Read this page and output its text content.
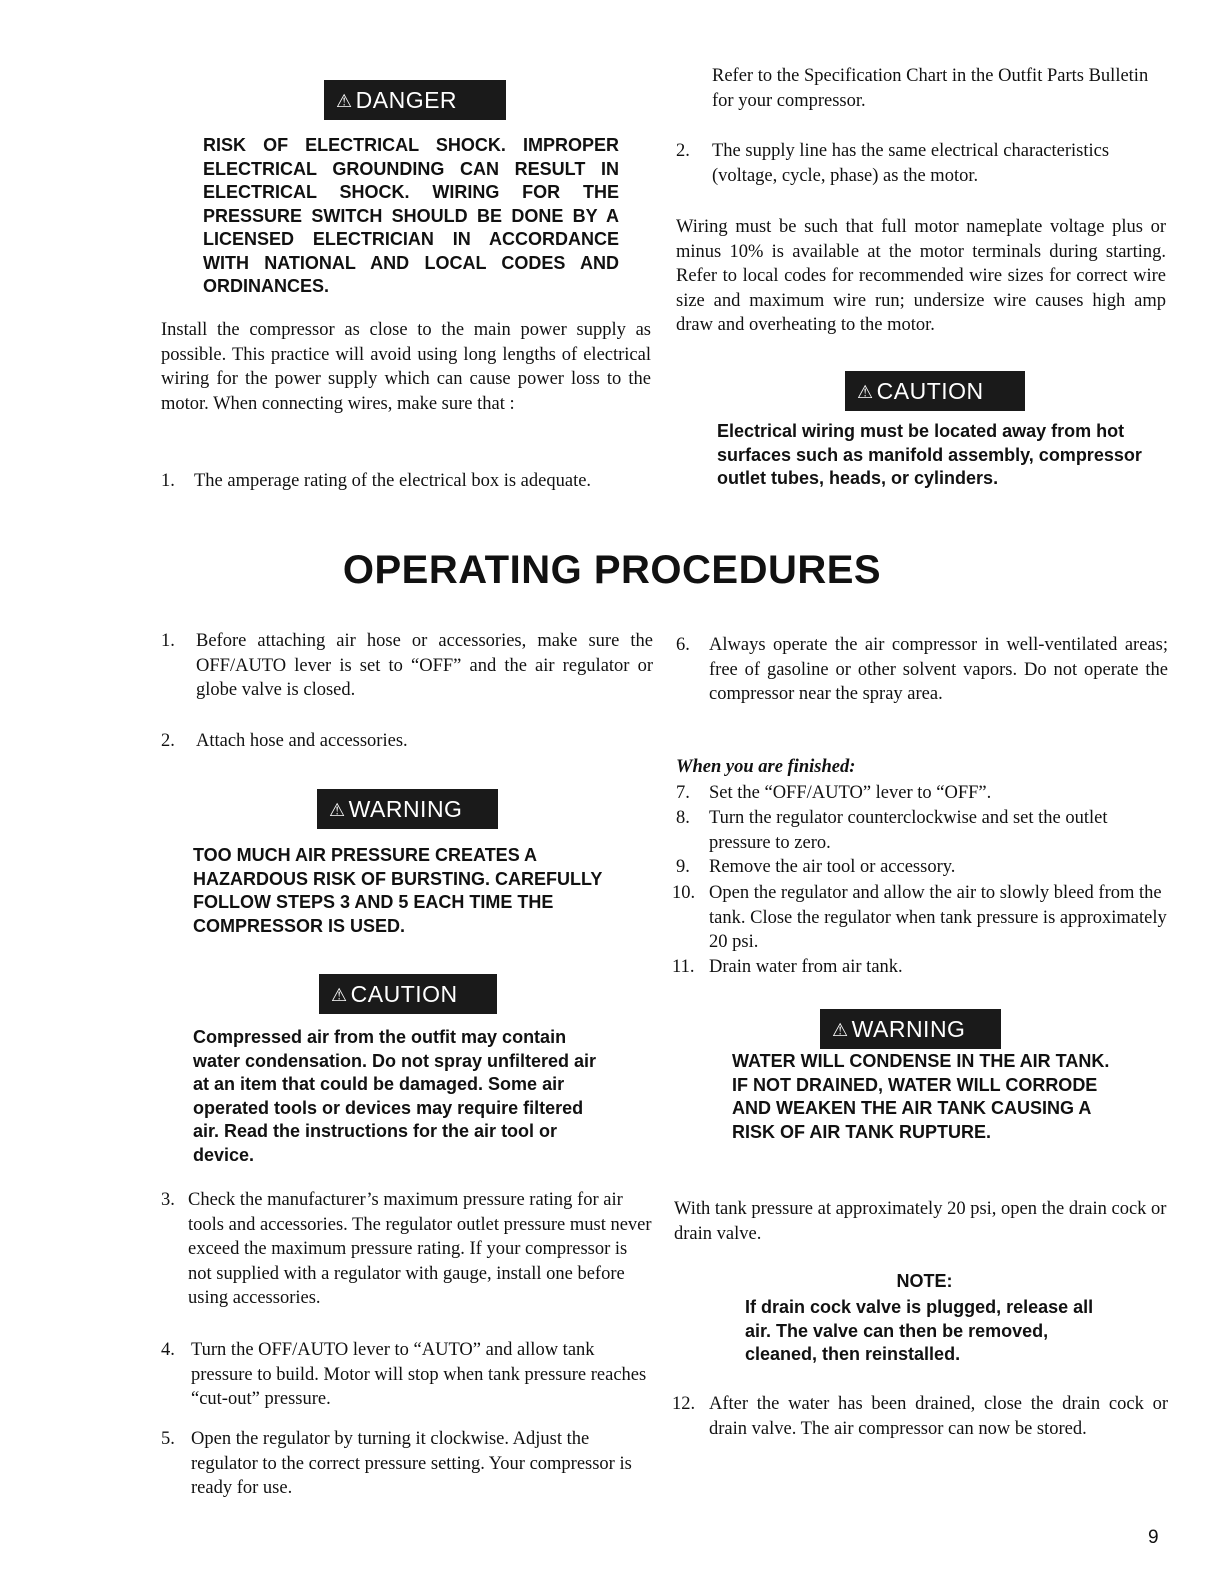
⚠ DANGER
RISK OF ELECTRICAL SHOCK. IMPROPER ELECTRICAL GROUNDING CAN RESULT IN ELECTRICAL SHOCK. WIRING FOR THE PRESSURE SWITCH SHOULD BE DONE BY A LICENSED ELECTRICIAN IN ACCORDANCE WITH NATIONAL AND LOCAL CODES AND ORDINANCES.
Install the compressor as close to the main power supply as possible. This practice will avoid using long lengths of electrical wiring for the power supply which can cause power loss to the motor. When connecting wires, make sure that :
1. The amperage rating of the electrical box is adequate.
Refer to the Specification Chart in the Outfit Parts Bulletin for your compressor.
2. The supply line has the same electrical characteristics (voltage, cycle, phase) as the motor.
Wiring must be such that full motor nameplate voltage plus or minus 10% is available at the motor terminals during starting. Refer to local codes for recommended wire sizes for correct wire size and maximum wire run; undersize wire causes high amp draw and overheating to the motor.
⚠ CAUTION
Electrical wiring must be located away from hot surfaces such as manifold assembly, compressor outlet tubes, heads, or cylinders.
OPERATING PROCEDURES
1. Before attaching air hose or accessories, make sure the OFF/AUTO lever is set to “OFF” and the air regulator or globe valve is closed.
2. Attach hose and accessories.
⚠ WARNING
TOO MUCH AIR PRESSURE CREATES A HAZARDOUS RISK OF BURSTING. CAREFULLY FOLLOW STEPS 3 AND 5 EACH TIME THE COMPRESSOR IS USED.
⚠ CAUTION
Compressed air from the outfit may contain water condensation. Do not spray unfiltered air at an item that could be damaged. Some air operated tools or devices may require filtered air. Read the instructions for the air tool or device.
3. Check the manufacturer’s maximum pressure rating for air tools and accessories. The regulator outlet pressure must never exceed the maximum pressure rating. If your compressor is not supplied with a regulator with gauge, install one before using accessories.
4. Turn the OFF/AUTO lever to “AUTO” and allow tank pressure to build. Motor will stop when tank pressure reaches “cut-out” pressure.
5. Open the regulator by turning it clockwise. Adjust the regulator to the correct pressure setting. Your compressor is ready for use.
6. Always operate the air compressor in well-ventilated areas; free of gasoline or other solvent vapors. Do not operate the compressor near the spray area.
When you are finished:
7. Set the “OFF/AUTO” lever to “OFF”.
8. Turn the regulator counterclockwise and set the outlet pressure to zero.
9. Remove the air tool or accessory.
10. Open the regulator and allow the air to slowly bleed from the tank. Close the regulator when tank pressure is approximately 20 psi.
11. Drain water from air tank.
⚠ WARNING
WATER WILL CONDENSE IN THE AIR TANK. IF NOT DRAINED, WATER WILL CORRODE AND WEAKEN THE AIR TANK CAUSING A RISK OF AIR TANK RUPTURE.
With tank pressure at approximately 20 psi, open the drain cock or drain valve.
NOTE:
If drain cock valve is plugged, release all air. The valve can then be removed, cleaned, then reinstalled.
12. After the water has been drained, close the drain cock or drain valve. The air compressor can now be stored.
9
